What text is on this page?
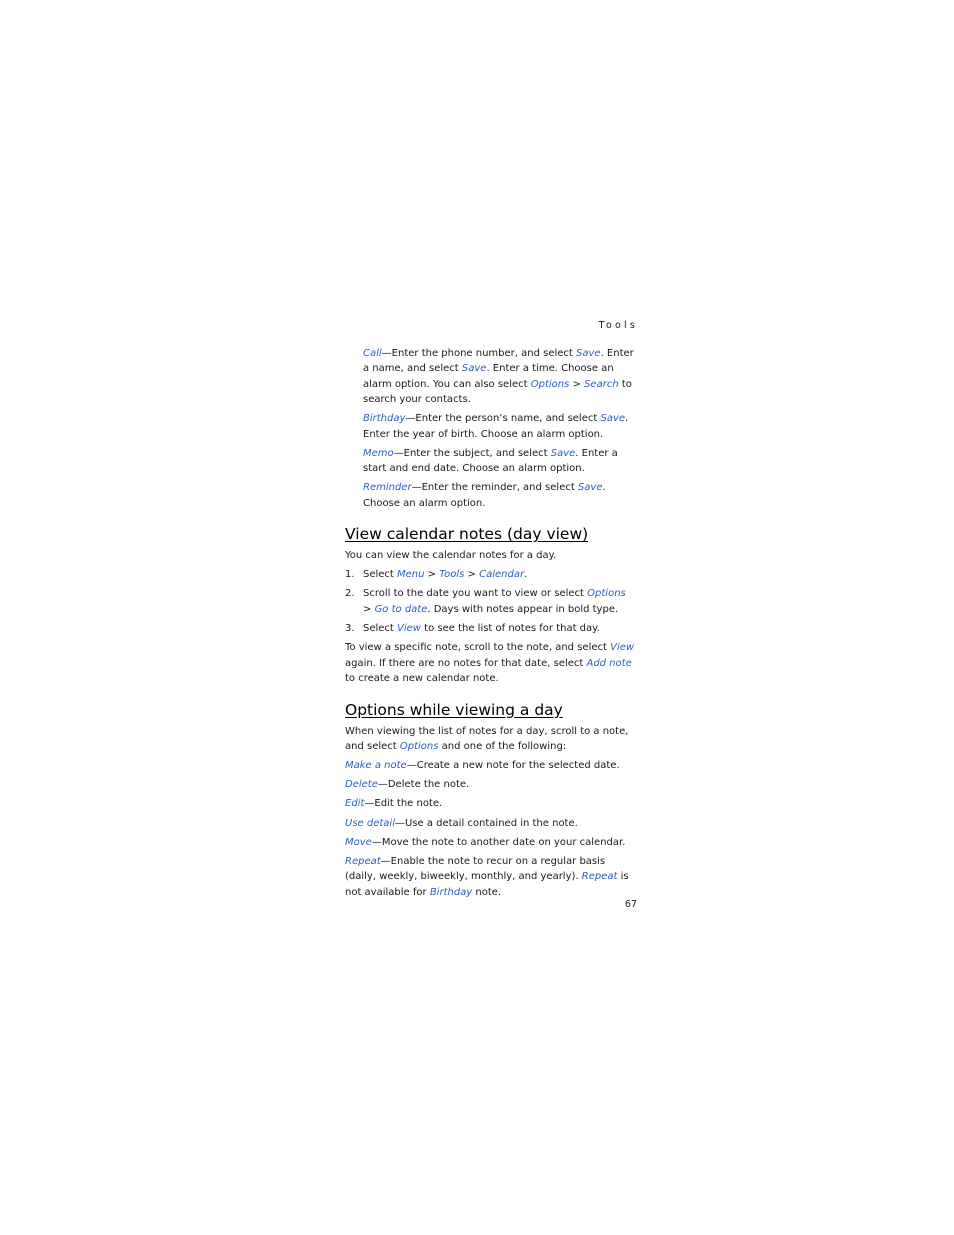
Tools

Call—Enter the phone number, and select Save. Enter a name, and select Save. Enter a time. Choose an alarm option. You can also select Options > Search to search your contacts.

Birthday—Enter the person’s name, and select Save. Enter the year of birth. Choose an alarm option.

Memo—Enter the subject, and select Save. Enter a start and end date. Choose an alarm option.

Reminder—Enter the reminder, and select Save. Choose an alarm option.

View calendar notes (day view)

You can view the calendar notes for a day.

1. Select Menu > Tools > Calendar.
2. Scroll to the date you want to view or select Options > Go to date. Days with notes appear in bold type.
3. Select View to see the list of notes for that day.

To view a specific note, scroll to the note, and select View again. If there are no notes for that date, select Add note to create a new calendar note.

Options while viewing a day

When viewing the list of notes for a day, scroll to a note, and select Options and one of the following:

Make a note—Create a new note for the selected date.

Delete—Delete the note.

Edit—Edit the note.

Use detail—Use a detail contained in the note.

Move—Move the note to another date on your calendar.

Repeat—Enable the note to recur on a regular basis (daily, weekly, biweekly, monthly, and yearly). Repeat is not available for Birthday note.

67
